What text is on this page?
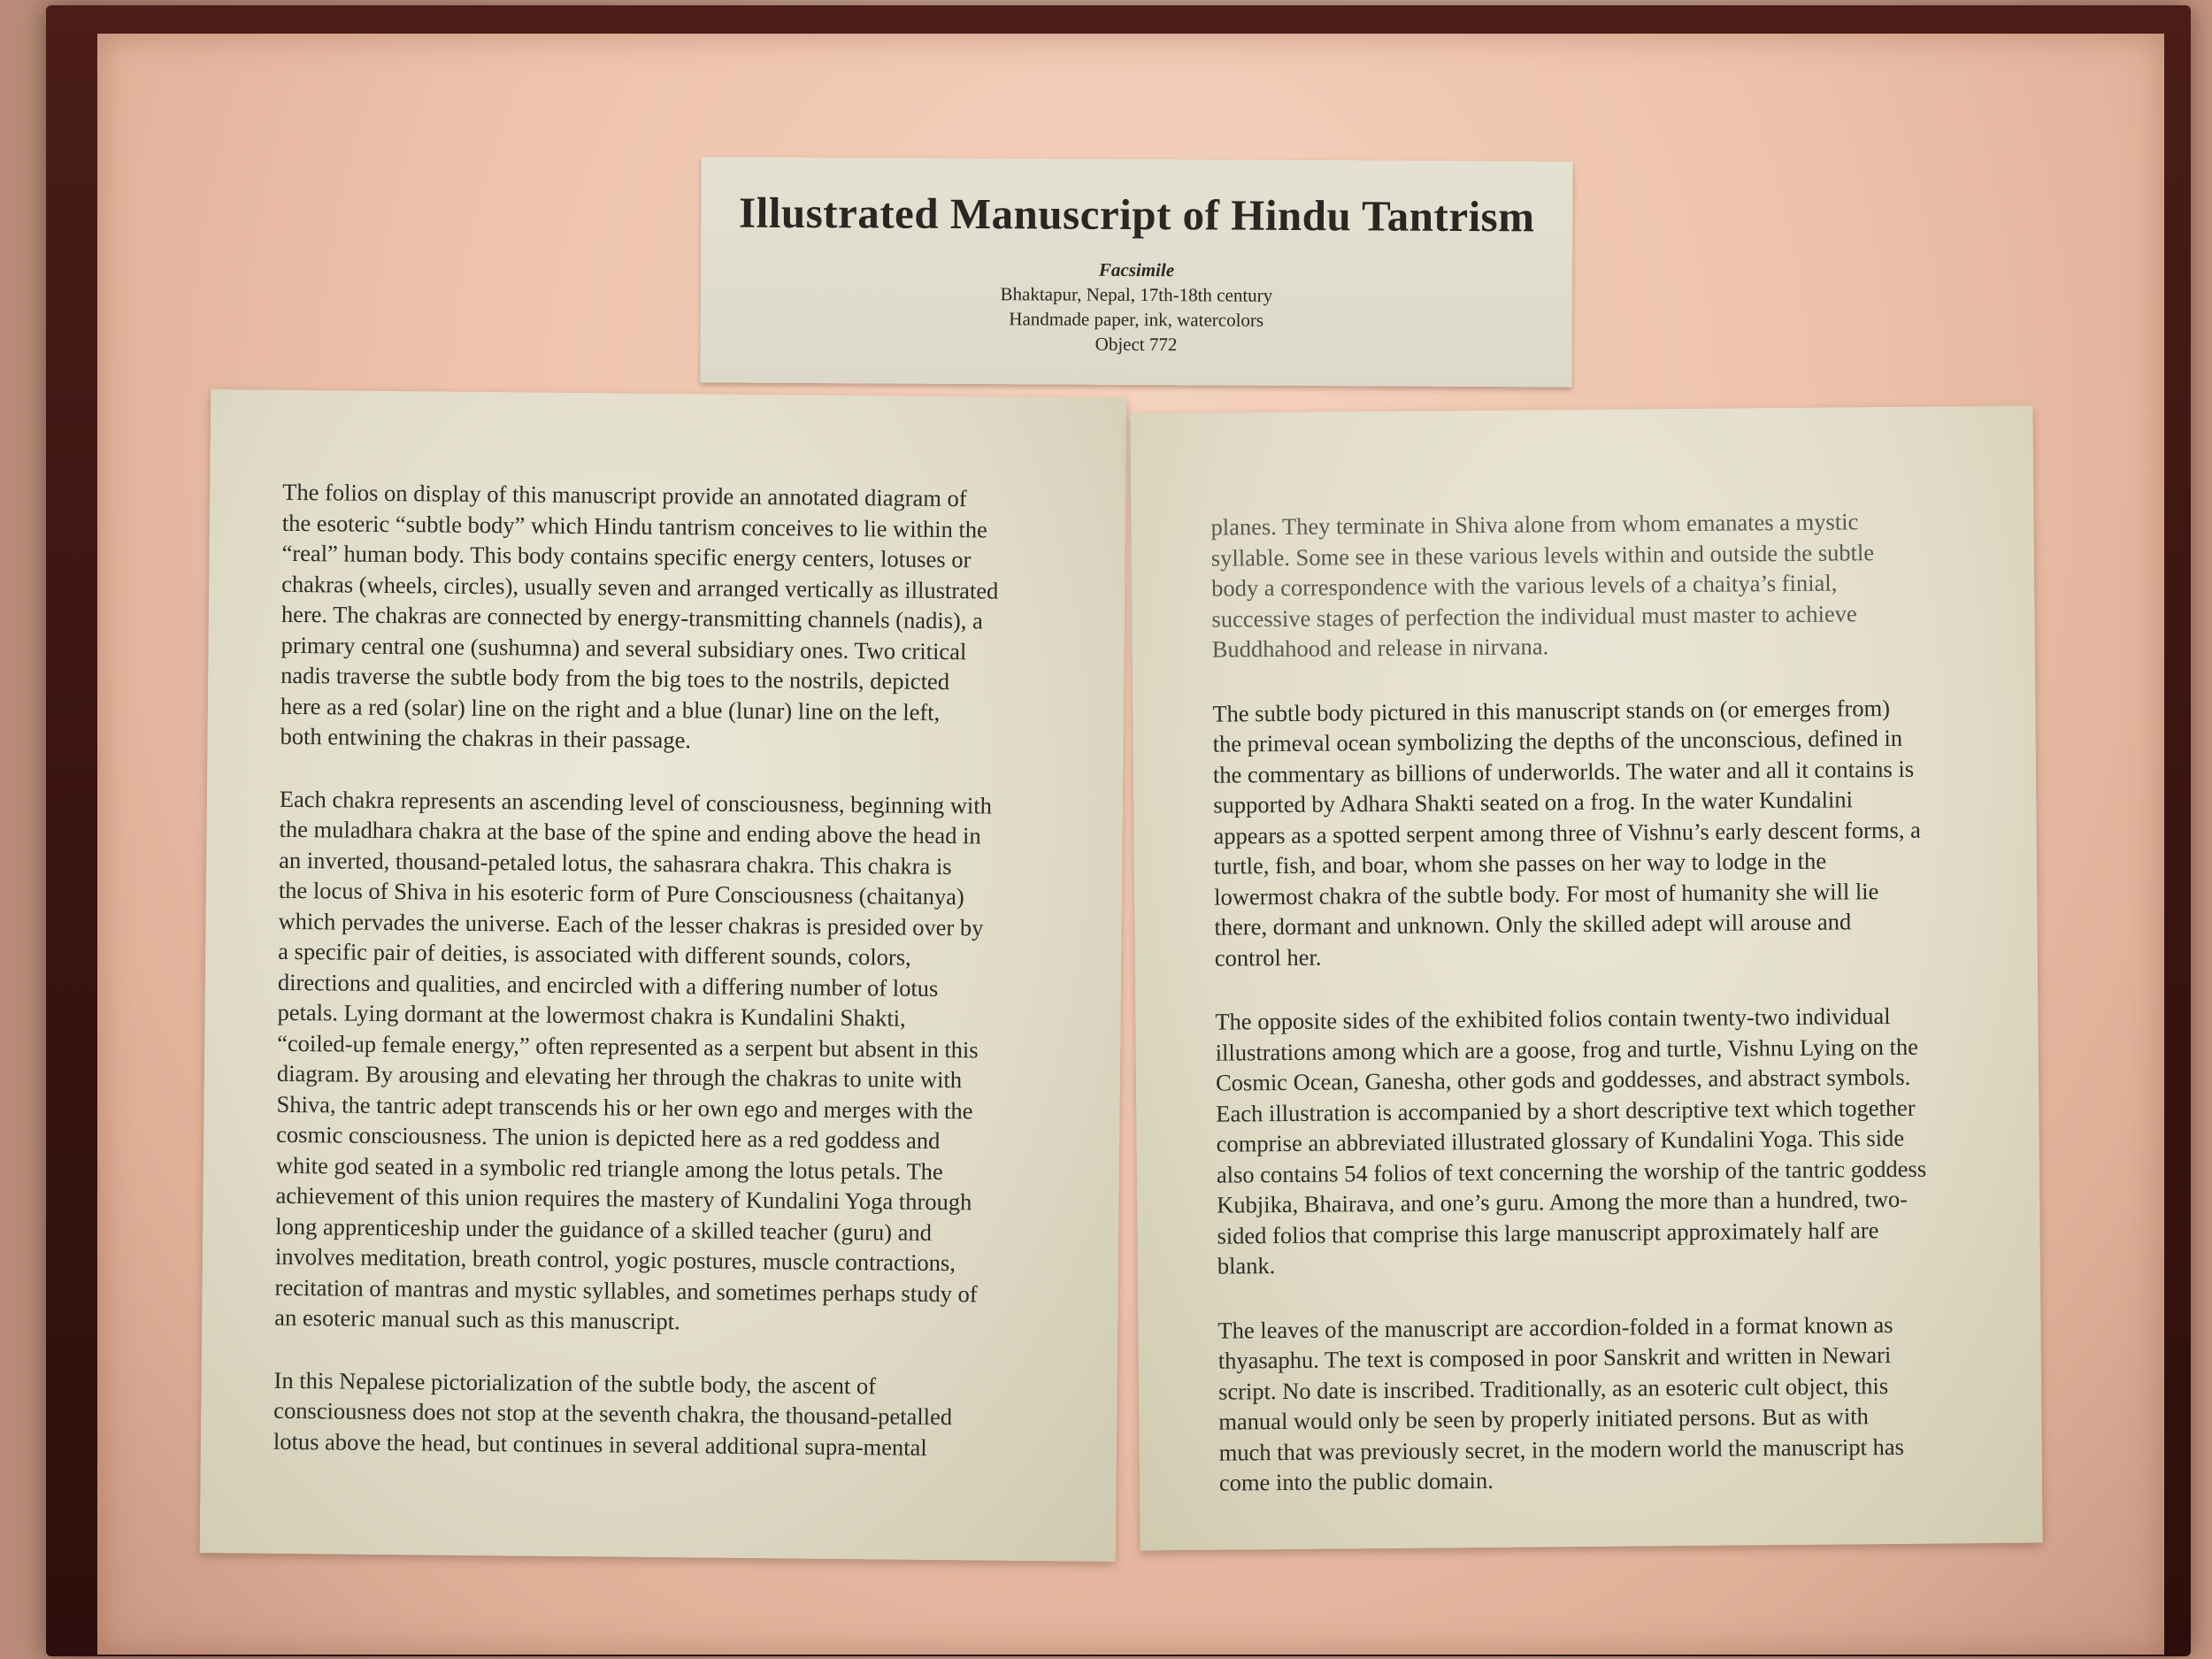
Illustrated Manuscript of Hindu Tantrism
Facsimile
Bhaktapur, Nepal, 17th-18th century
Handmade paper, ink, watercolors
Object 772
The folios on display of this manuscript provide an annotated diagram of
the esoteric “subtle body” which Hindu tantrism conceives to lie within the
“real” human body. This body contains specific energy centers, lotuses or
chakras (wheels, circles), usually seven and arranged vertically as illustrated
here. The chakras are connected by energy-transmitting channels (nadis), a
primary central one (sushumna) and several subsidiary ones. Two critical
nadis traverse the subtle body from the big toes to the nostrils, depicted
here as a red (solar) line on the right and a blue (lunar) line on the left,
both entwining the chakras in their passage.
Each chakra represents an ascending level of consciousness, beginning with
the muladhara chakra at the base of the spine and ending above the head in
an inverted, thousand-petaled lotus, the sahasrara chakra. This chakra is
the locus of Shiva in his esoteric form of Pure Consciousness (chaitanya)
which pervades the universe. Each of the lesser chakras is presided over by
a specific pair of deities, is associated with different sounds, colors,
directions and qualities, and encircled with a differing number of lotus
petals. Lying dormant at the lowermost chakra is Kundalini Shakti,
“coiled-up female energy,” often represented as a serpent but absent in this
diagram. By arousing and elevating her through the chakras to unite with
Shiva, the tantric adept transcends his or her own ego and merges with the
cosmic consciousness. The union is depicted here as a red goddess and
white god seated in a symbolic red triangle among the lotus petals. The
achievement of this union requires the mastery of Kundalini Yoga through
long apprenticeship under the guidance of a skilled teacher (guru) and
involves meditation, breath control, yogic postures, muscle contractions,
recitation of mantras and mystic syllables, and sometimes perhaps study of
an esoteric manual such as this manuscript.
In this Nepalese pictorialization of the subtle body, the ascent of
consciousness does not stop at the seventh chakra, the thousand-petalled
lotus above the head, but continues in several additional supra-mental
planes. They terminate in Shiva alone from whom emanates a mystic
syllable. Some see in these various levels within and outside the subtle
body a correspondence with the various levels of a chaitya’s finial,
successive stages of perfection the individual must master to achieve
Buddhahood and release in nirvana.
The subtle body pictured in this manuscript stands on (or emerges from)
the primeval ocean symbolizing the depths of the unconscious, defined in
the commentary as billions of underworlds. The water and all it contains is
supported by Adhara Shakti seated on a frog. In the water Kundalini
appears as a spotted serpent among three of Vishnu’s early descent forms, a
turtle, fish, and boar, whom she passes on her way to lodge in the
lowermost chakra of the subtle body. For most of humanity she will lie
there, dormant and unknown. Only the skilled adept will arouse and
control her.
The opposite sides of the exhibited folios contain twenty-two individual
illustrations among which are a goose, frog and turtle, Vishnu Lying on the
Cosmic Ocean, Ganesha, other gods and goddesses, and abstract symbols.
Each illustration is accompanied by a short descriptive text which together
comprise an abbreviated illustrated glossary of Kundalini Yoga. This side
also contains 54 folios of text concerning the worship of the tantric goddess
Kubjika, Bhairava, and one’s guru. Among the more than a hundred, two-
sided folios that comprise this large manuscript approximately half are
blank.
The leaves of the manuscript are accordion-folded in a format known as
thyasaphu. The text is composed in poor Sanskrit and written in Newari
script. No date is inscribed. Traditionally, as an esoteric cult object, this
manual would only be seen by properly initiated persons. But as with
much that was previously secret, in the modern world the manuscript has
come into the public domain.
